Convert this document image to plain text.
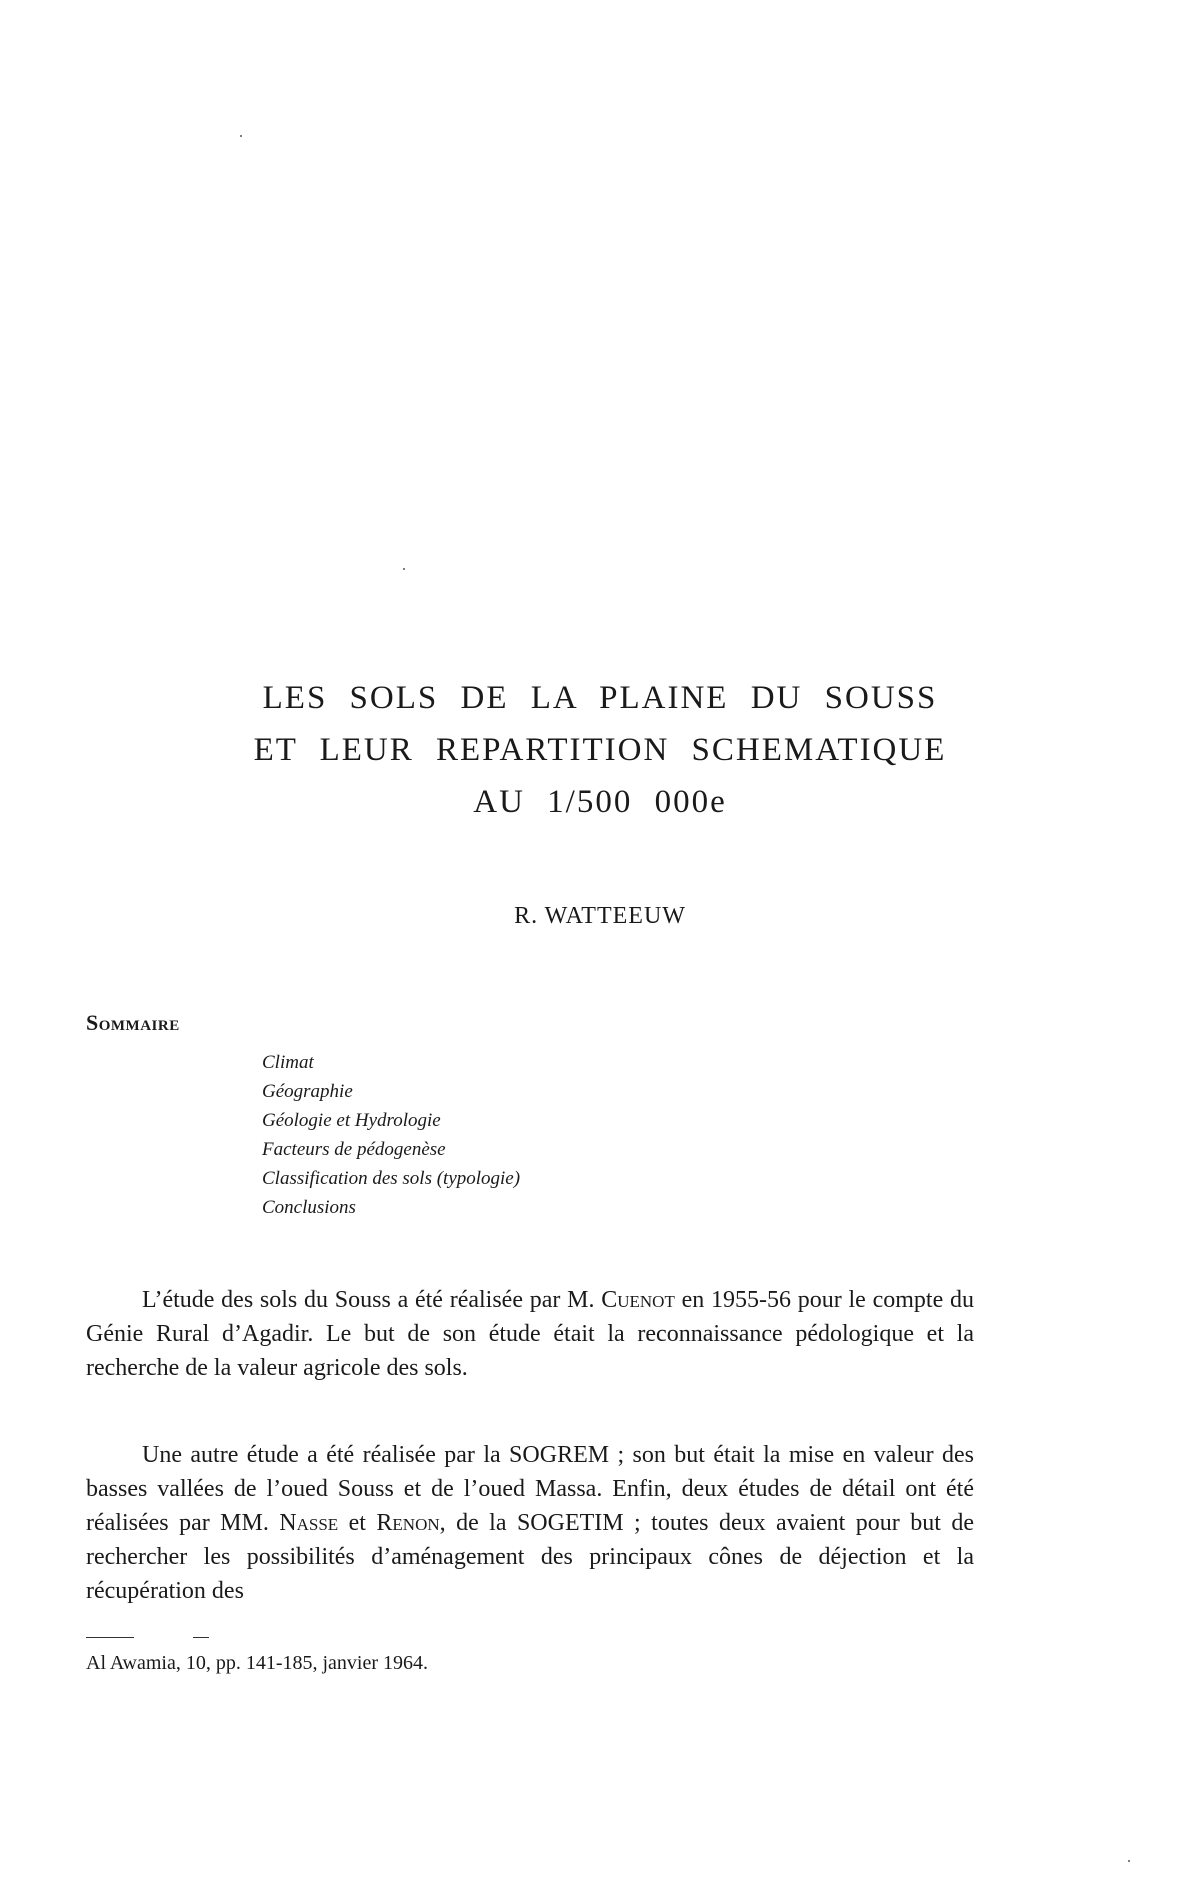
LES SOLS DE LA PLAINE DU SOUSS
ET LEUR REPARTITION SCHEMATIQUE
AU 1/500 000e
R. WATTEEUW
Sommaire
Climat
Géographie
Géologie et Hydrologie
Facteurs de pédogenèse
Classification des sols (typologie)
Conclusions

L’étude des sols du Souss a été réalisée par M. Cuenot en 1955-56 pour le compte du Génie Rural d’Agadir. Le but de son étude était la reconnaissance pédologique et la recherche de la valeur agricole des sols.

Une autre étude a été réalisée par la SOGREM ; son but était la mise en valeur des basses vallées de l’oued Souss et de l’oued Massa. Enfin, deux études de détail ont été réalisées par MM. Nasse et Renon, de la SOGETIM ; toutes deux avaient pour but de rechercher les possibilités d’aménagement des principaux cônes de déjection et la récupération des

Al Awamia, 10, pp. 141-185, janvier 1964.
